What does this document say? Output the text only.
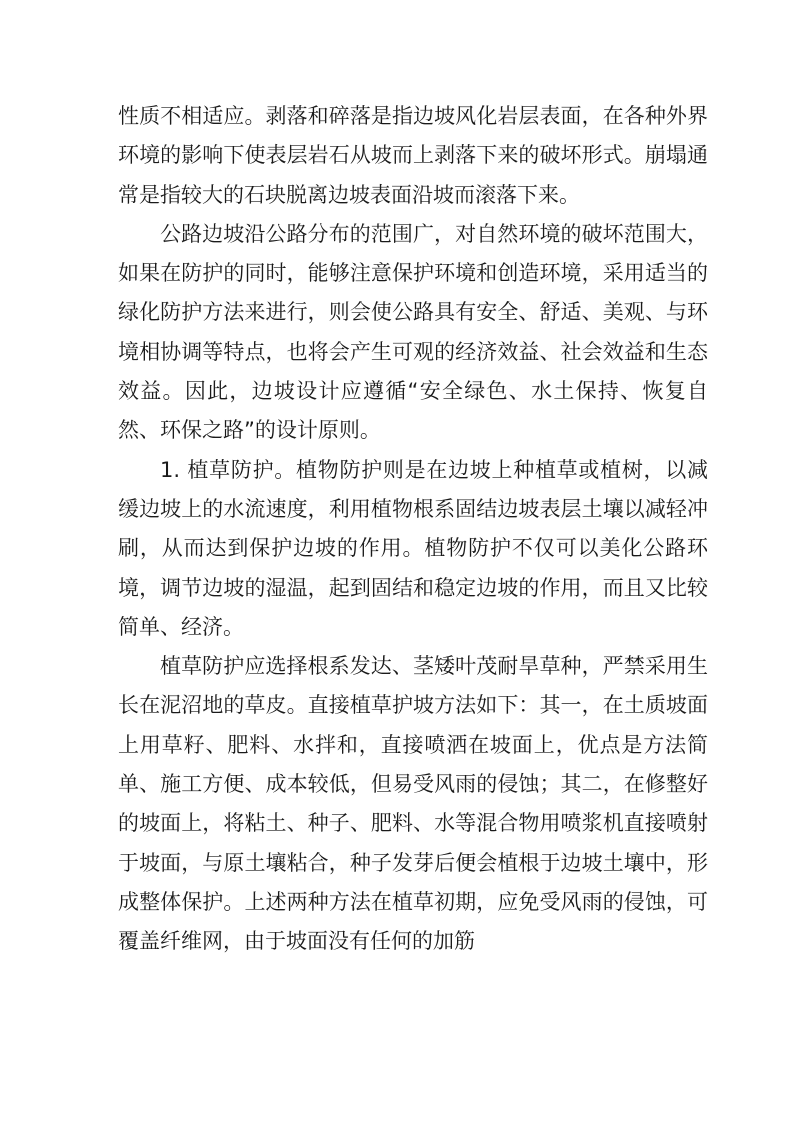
性质不相适应。剥落和碎落是指边坡风化岩层表面，在各种外界环境的影响下使表层岩石从坡而上剥落下来的破坏形式。崩塌通常是指较大的石块脱离边坡表面沿坡而滚落下来。

公路边坡沿公路分布的范围广，对自然环境的破坏范围大，如果在防护的同时，能够注意保护环境和创造环境，采用适当的绿化防护方法来进行，则会使公路具有安全、舒适、美观、与环境相协调等特点，也将会产生可观的经济效益、社会效益和生态效益。因此，边坡设计应遵循“安全绿色、水土保持、恢复自然、环保之路”的设计原则。

1. 植草防护。植物防护则是在边坡上种植草或植树，以减缓边坡上的水流速度，利用植物根系固结边坡表层土壤以减轻冲刷，从而达到保护边坡的作用。植物防护不仅可以美化公路环境，调节边坡的湿温，起到固结和稳定边坡的作用，而且又比较简单、经济。

植草防护应选择根系发达、茎矮叶茂耐旱草种，严禁采用生长在泥沼地的草皮。直接植草护坡方法如下：其一，在土质坡面上用草籽、肥料、水拌和，直接喷洒在坡面上，优点是方法简单、施工方便、成本较低，但易受风雨的侵蚀；其二，在修整好的坡面上，将粘土、种子、肥料、水等混合物用喷浆机直接喷射于坡面，与原土壤粘合，种子发芽后便会植根于边坡土壤中，形成整体保护。上述两种方法在植草初期，应免受风雨的侵蚀，可覆盖纤维网，由于坡面没有任何的加筋
